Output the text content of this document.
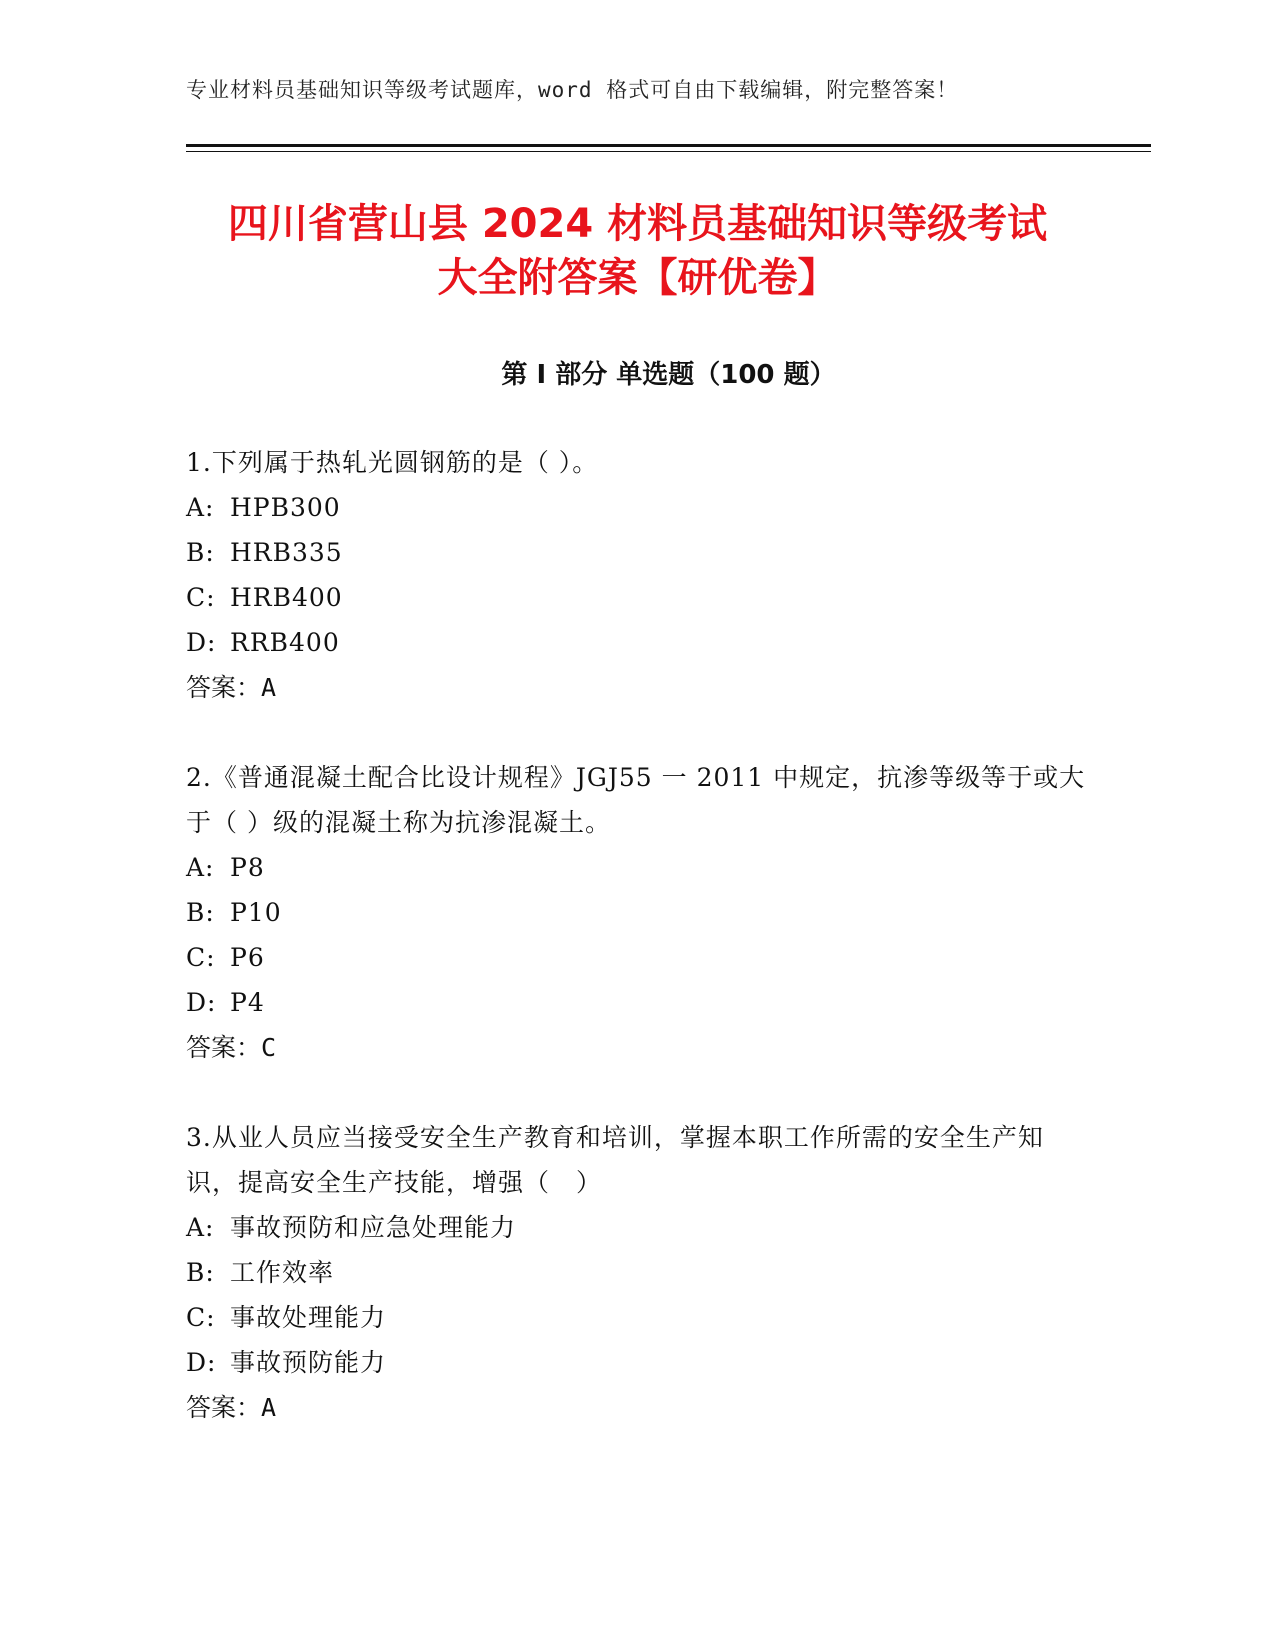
专业材料员基础知识等级考试题库，word 格式可自由下载编辑，附完整答案！
四川省营山县 2024 材料员基础知识等级考试
大全附答案【研优卷】
第 I 部分 单选题（100 题）

1.下列属于热轧光圆钢筋的是（ ）。

A: HPB300
B: HRB335
C: HRB400
D: RRB400
答案：A

2.《普通混凝土配合比设计规程》JGJ55 一 2011 中规定，抗渗等级等于或大于（ ）级的混凝土称为抗渗混凝土。

A: P8
B: P10
C: P6
D: P4
答案：C

3.从业人员应当接受安全生产教育和培训，掌握本职工作所需的安全生产知识，提高安全生产技能，增强（　）

A: 事故预防和应急处理能力
B: 工作效率
C: 事故处理能力
D: 事故预防能力
答案：A
